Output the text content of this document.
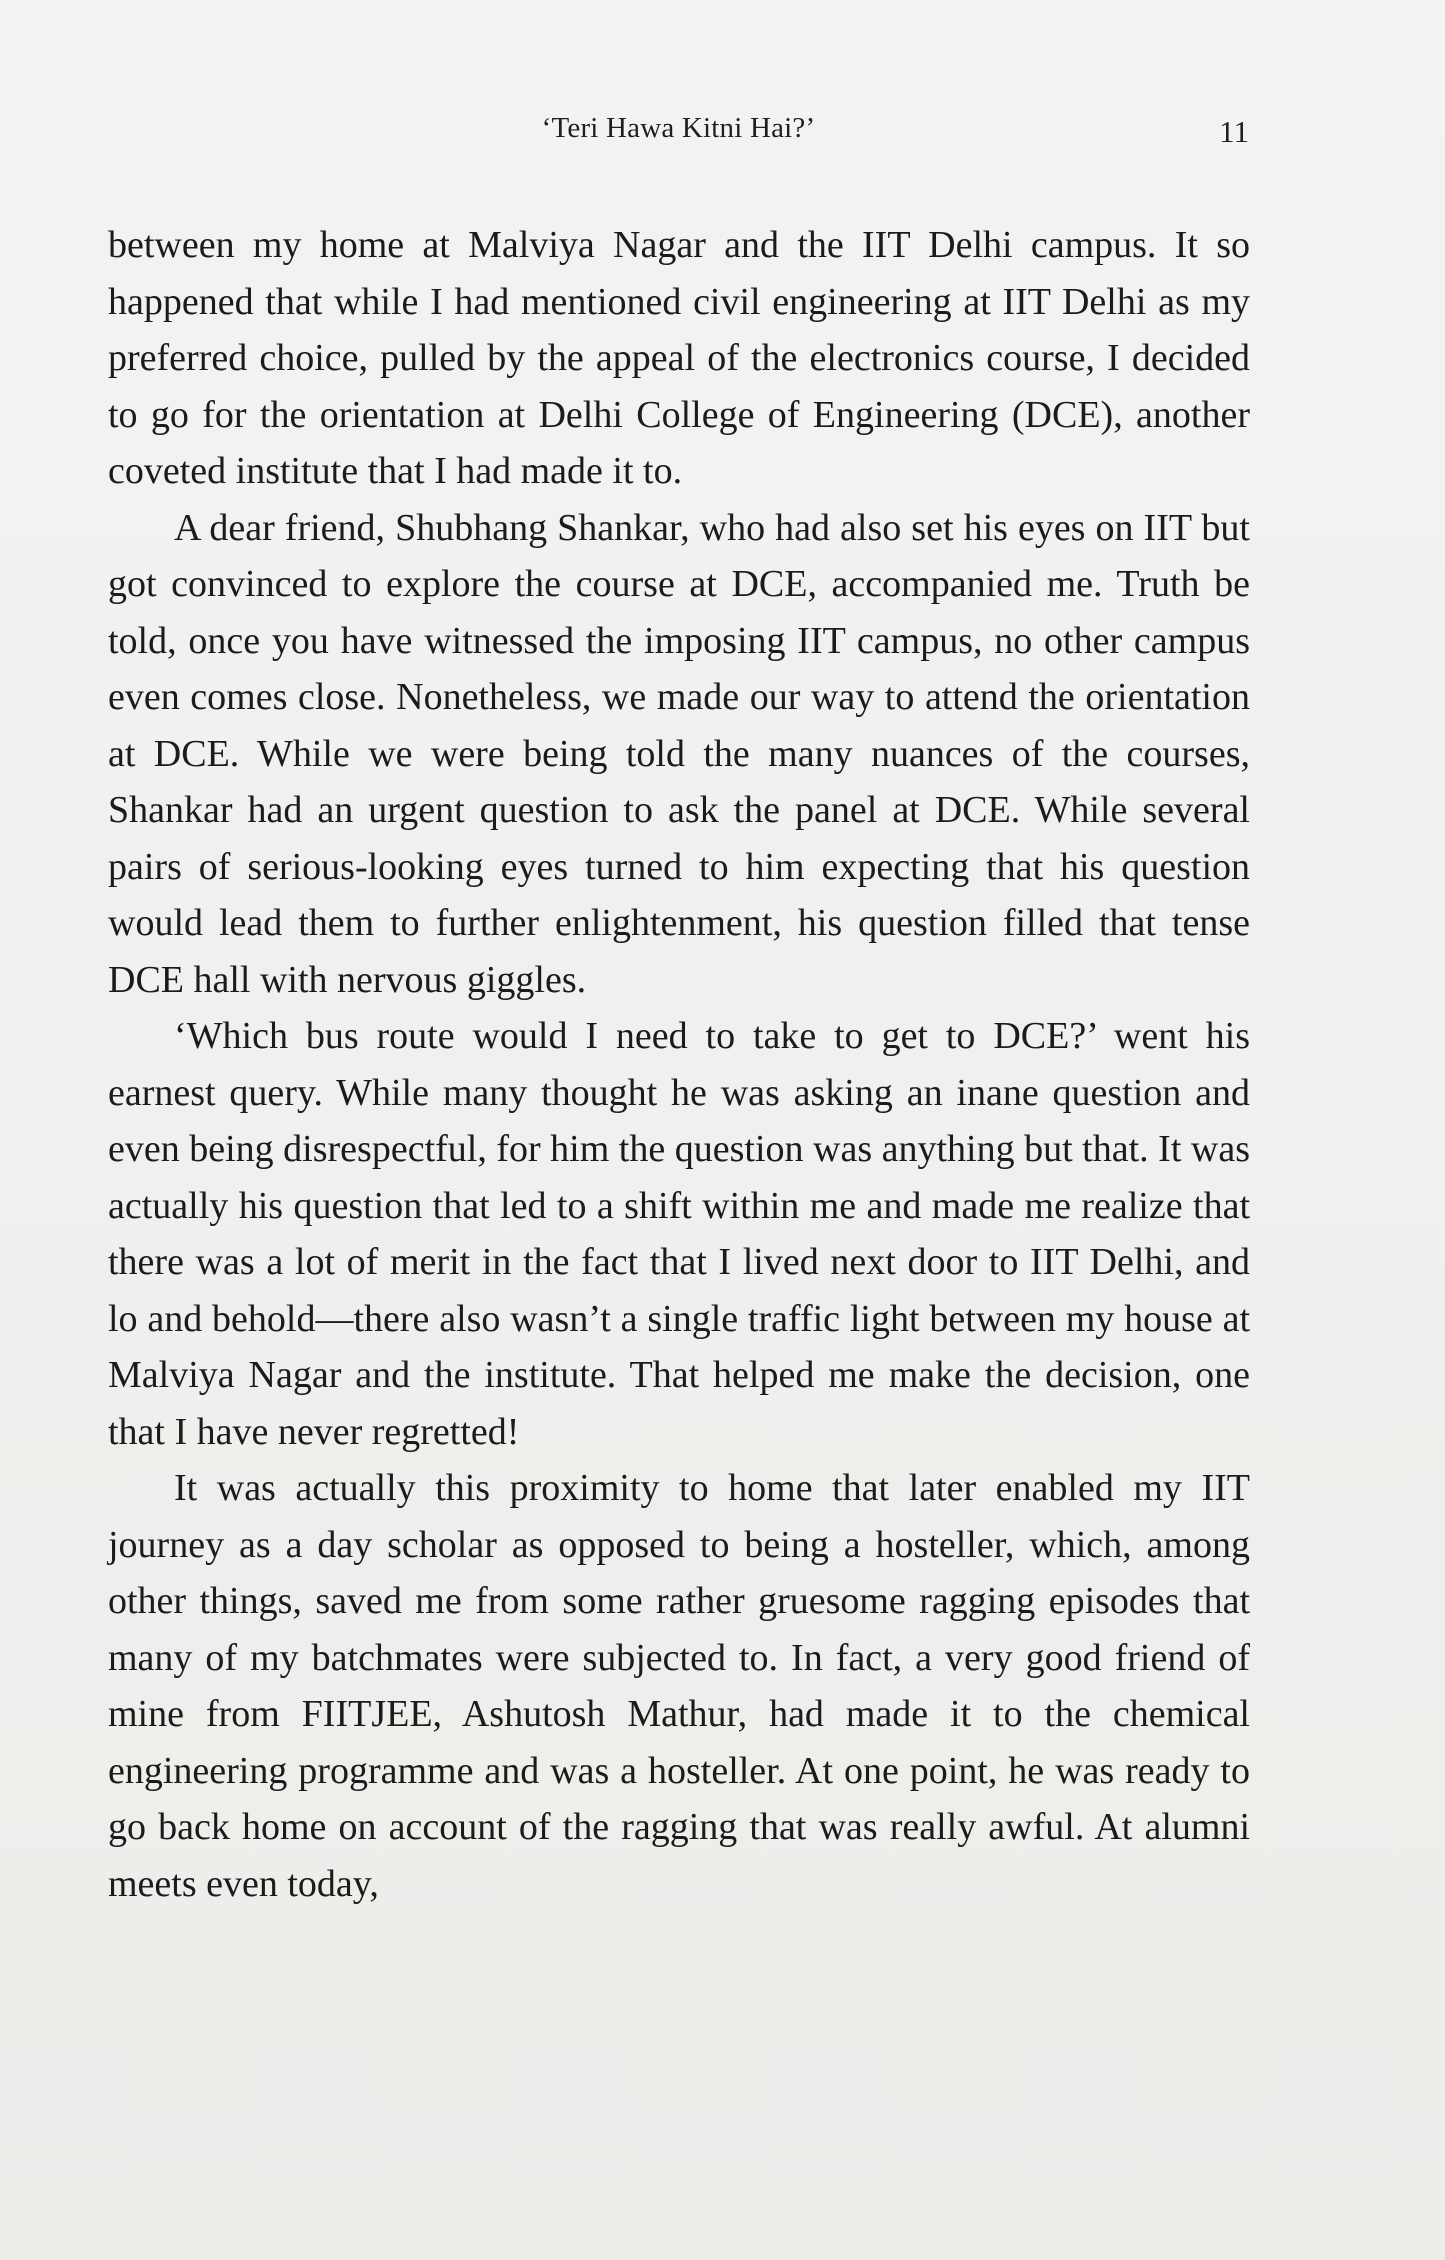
‘Teri Hawa Kitni Hai?’	11

between my home at Malviya Nagar and the IIT Delhi campus. It so happened that while I had mentioned civil engineering at IIT Delhi as my preferred choice, pulled by the appeal of the electronics course, I decided to go for the orientation at Delhi College of Engineering (DCE), another coveted institute that I had made it to.

A dear friend, Shubhang Shankar, who had also set his eyes on IIT but got convinced to explore the course at DCE, accompanied me. Truth be told, once you have witnessed the imposing IIT campus, no other campus even comes close. Nonetheless, we made our way to attend the orientation at DCE. While we were being told the many nuances of the courses, Shankar had an urgent question to ask the panel at DCE. While several pairs of serious-looking eyes turned to him expecting that his question would lead them to further enlightenment, his question filled that tense DCE hall with nervous giggles.

‘Which bus route would I need to take to get to DCE?’ went his earnest query. While many thought he was asking an inane question and even being disrespectful, for him the question was anything but that. It was actually his question that led to a shift within me and made me realize that there was a lot of merit in the fact that I lived next door to IIT Delhi, and lo and behold—there also wasn’t a single traffic light between my house at Malviya Nagar and the institute. That helped me make the decision, one that I have never regretted!

It was actually this proximity to home that later enabled my IIT journey as a day scholar as opposed to being a hosteller, which, among other things, saved me from some rather gruesome ragging episodes that many of my batchmates were subjected to. In fact, a very good friend of mine from FIITJEE, Ashutosh Mathur, had made it to the chemical engineering programme and was a hosteller. At one point, he was ready to go back home on account of the ragging that was really awful. At alumni meets even today,
